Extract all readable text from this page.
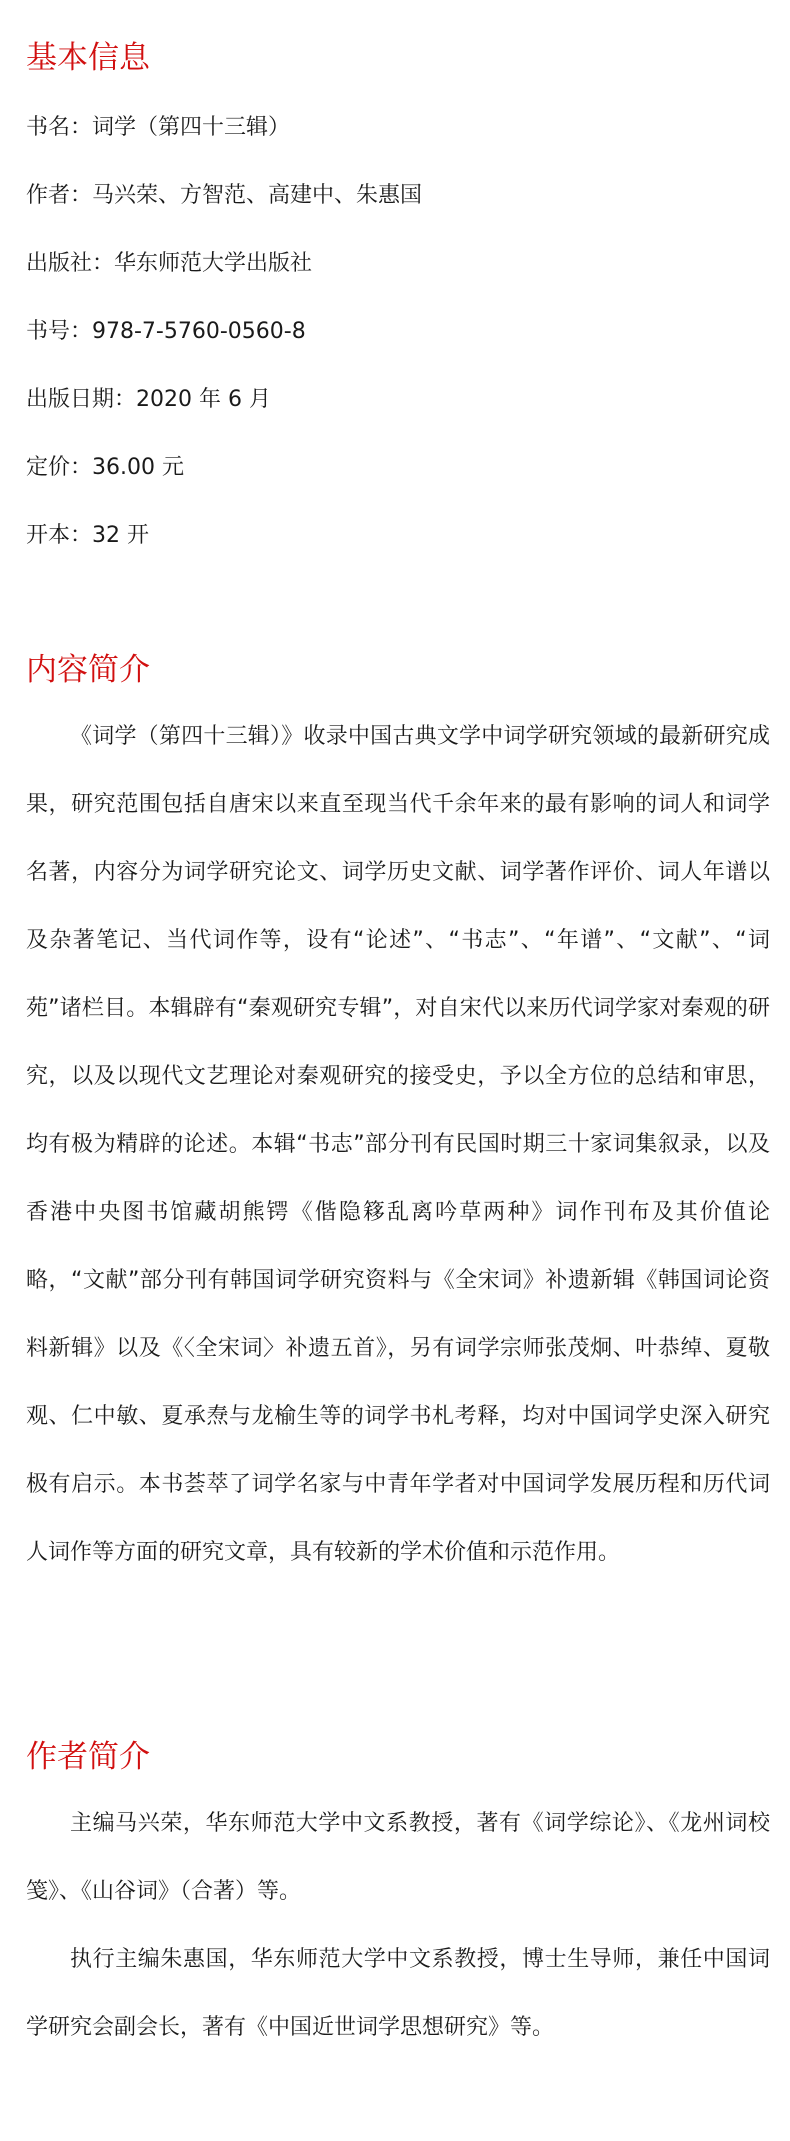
基本信息

书名：词学（第四十三辑）

作者：马兴荣、方智范、高建中、朱惠国

出版社：华东师范大学出版社

书号：978-7-5760-0560-8

出版日期：2020 年 6 月

定价：36.00 元

开本：32 开

内容简介

《词学（第四十三辑）》收录中国古典文学中词学研究领域的最新研究成果，研究范围包括自唐宋以来直至现当代千余年来的最有影响的词人和词学名著，内容分为词学研究论文、词学历史文献、词学著作评价、词人年谱以及杂著笔记、当代词作等，设有“论述”、“书志”、“年谱”、“文献”、“词苑”诸栏目。本辑辟有“秦观研究专辑”，对自宋代以来历代词学家对秦观的研究，以及以现代文艺理论对秦观研究的接受史，予以全方位的总结和审思，均有极为精辟的论述。本辑“书志”部分刊有民国时期三十家词集叙录，以及香港中央图书馆藏胡熊锷《偕隐簃乱离吟草两种》词作刊布及其价值论略，“文献”部分刊有韩国词学研究资料与《全宋词》补遗新辑《韩国词论资料新辑》以及《〈全宋词〉补遗五首》，另有词学宗师张茂炯、叶恭绰、夏敬观、仁中敏、夏承焘与龙榆生等的词学书札考释，均对中国词学史深入研究极有启示。本书荟萃了词学名家与中青年学者对中国词学发展历程和历代词人词作等方面的研究文章，具有较新的学术价值和示范作用。

作者简介

主编马兴荣，华东师范大学中文系教授，著有《词学综论》、《龙州词校笺》、《山谷词》（合著）等。

执行主编朱惠国，华东师范大学中文系教授，博士生导师，兼任中国词学研究会副会长，著有《中国近世词学思想研究》等。
